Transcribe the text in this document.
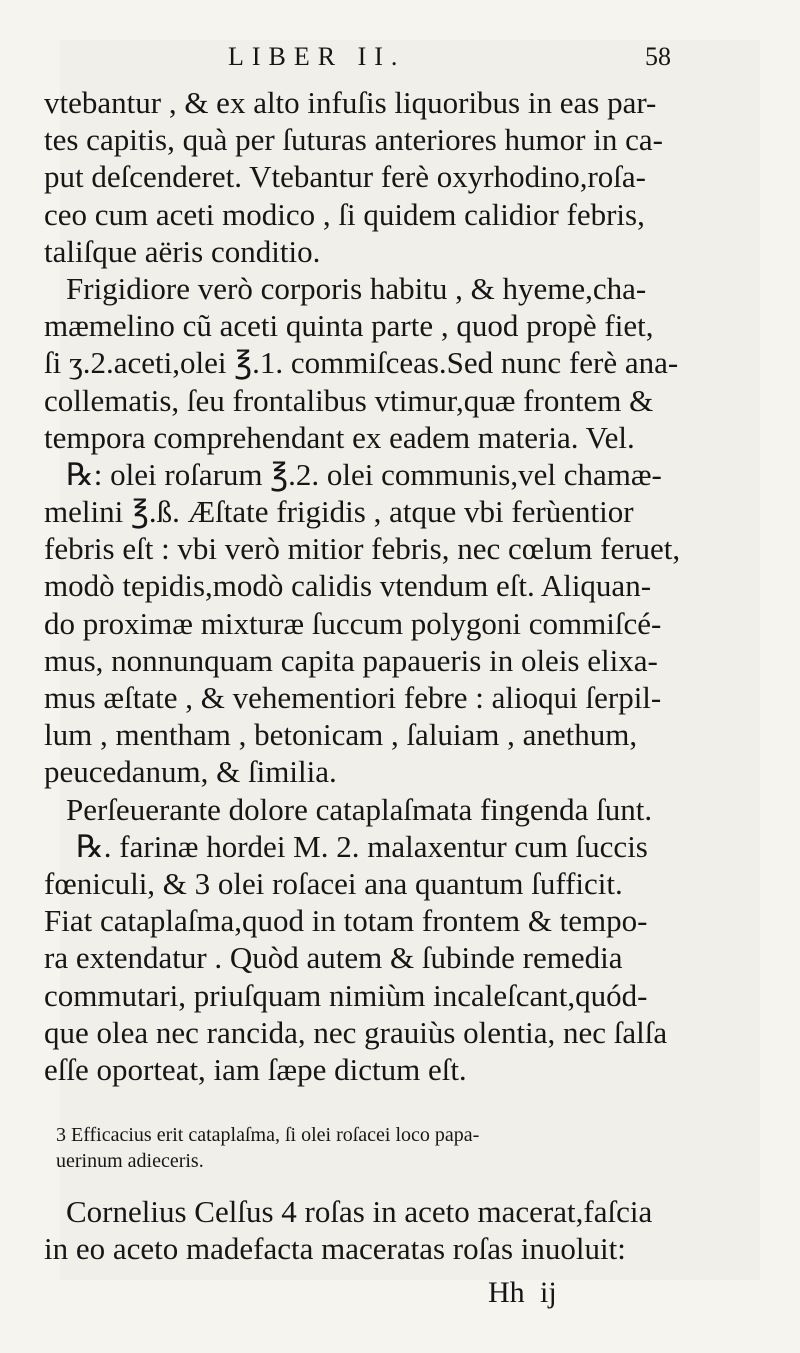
LIBER II.	58
vtebantur , & ex alto infuſis liquoribus in eas par-
tes capitis, quà per ſuturas anteriores humor in ca-
put deſcenderet. Vtebantur ferè oxyrhodino,roſa-
ceo cum aceti modico , ſi quidem calidior febris,
taliſque aëris conditio.
Frigidiore verò corporis habitu , & hyeme,cha-
mæmelino cũ aceti quinta parte , quod propè fiet,
ſi ʒ.2.aceti,olei ℥.1. commiſceas.Sed nunc ferè ana-
collematis, ſeu frontalibus vtimur,quæ frontem &
tempora comprehendant ex eadem materia. Vel.
℞: olei roſarum ℥.2. olei communis,vel chamæ-
melini ℥.ß. Æſtate frigidis , atque vbi ferùentior
febris eſt : vbi verò mitior febris, nec cœlum feruet,
modò tepidis,modò calidis vtendum eſt. Aliquan-
do proximæ mixturæ ſuccum polygoni commiſcé-
mus, nonnunquam capita papaueris in oleis elixa-
mus æſtate , & vehementiori febre : alioqui ſerpil-
lum , mentham , betonicam , ſaluiam , anethum,
peucedanum, & ſimilia.
Perſeuerante dolore cataplaſmata fingenda ſunt.
℞. farinæ hordei M. 2. malaxentur cum ſuccis
fœniculi, & 3 olei roſacei ana quantum ſufficit.
Fiat cataplaſma,quod in totam frontem & tempo-
ra extendatur . Quòd autem & ſubinde remedia
commutari, priuſquam nimiùm incaleſcant,quód-
que olea nec rancida, nec grauiùs olentia, nec ſalſa
eſſe oporteat, iam ſæpe dictum eſt.
3 Efficacius erit cataplaſma, ſi olei roſacei loco papa-
uerinum adieceris.
Cornelius Celſus 4 roſas in aceto macerat,faſcia
in eo aceto madefacta maceratas roſas inuoluit:
Hh ij
